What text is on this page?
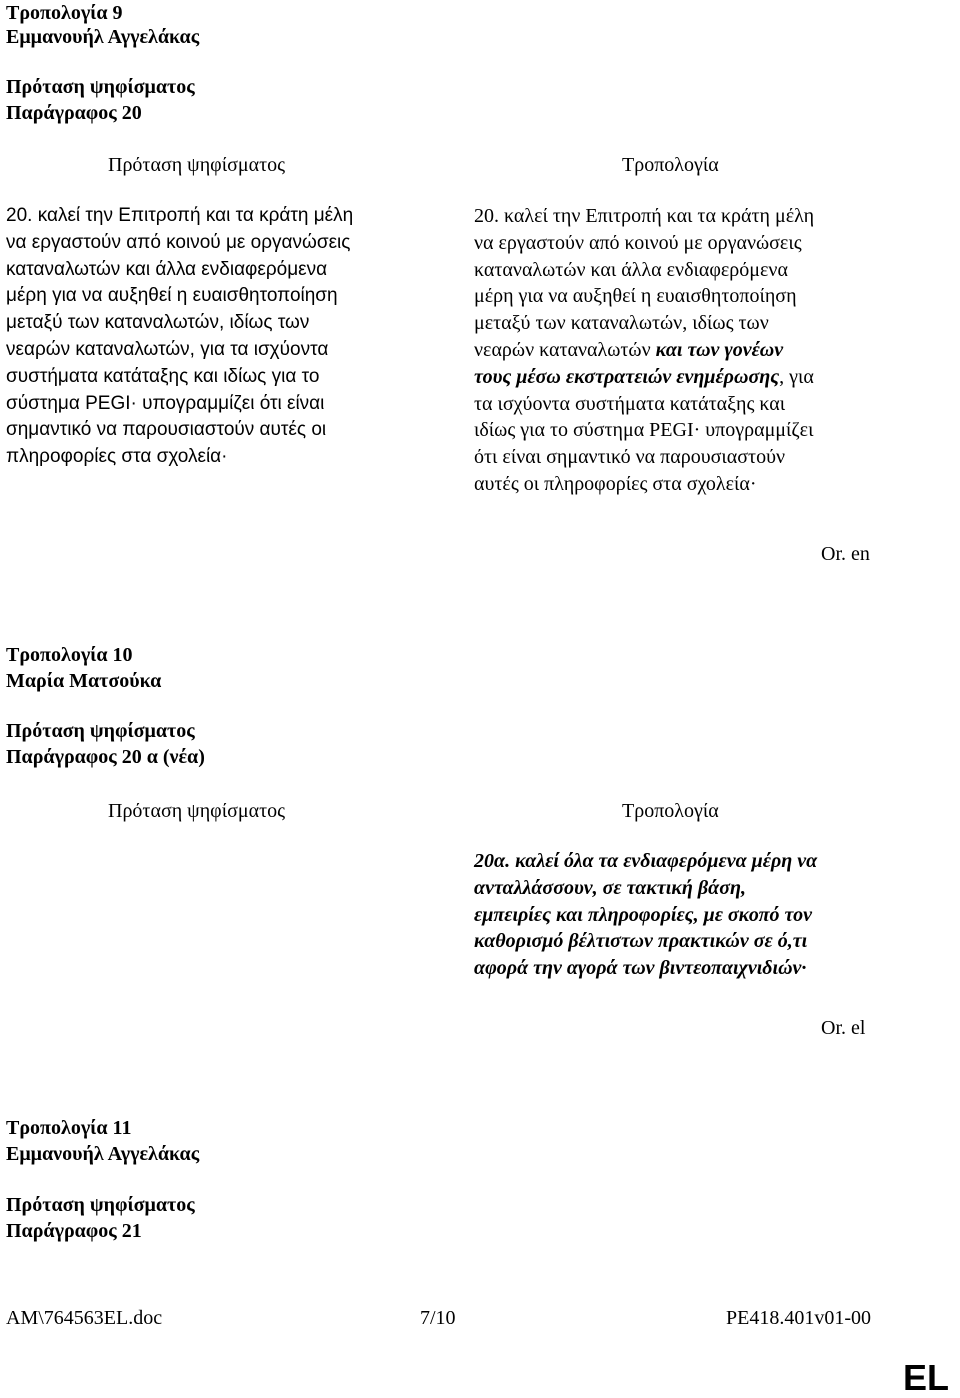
Τροπολογία 9
Εμμανουήλ Αγγελάκας
Πρόταση ψηφίσματος
Παράγραφος 20
Πρόταση ψηφίσματος	Τροπολογία
20. καλεί την Επιτροπή και τα κράτη μέλη
να εργαστούν από κοινού με οργανώσεις
καταναλωτών και άλλα ενδιαφερόμενα
μέρη για να αυξηθεί η ευαισθητοποίηση
μεταξύ των καταναλωτών, ιδίως των
νεαρών καταναλωτών, για τα ισχύοντα
συστήματα κατάταξης και ιδίως για το
σύστημα PEGI· υπογραμμίζει ότι είναι
σημαντικό να παρουσιαστούν αυτές οι
πληροφορίες στα σχολεία·
20. καλεί την Επιτροπή και τα κράτη μέλη
να εργαστούν από κοινού με οργανώσεις
καταναλωτών και άλλα ενδιαφερόμενα
μέρη για να αυξηθεί η ευαισθητοποίηση
μεταξύ των καταναλωτών, ιδίως των
νεαρών καταναλωτών και των γονέων
τους μέσω εκστρατειών ενημέρωσης, για
τα ισχύοντα συστήματα κατάταξης και
ιδίως για το σύστημα PEGI· υπογραμμίζει
ότι είναι σημαντικό να παρουσιαστούν
αυτές οι πληροφορίες στα σχολεία·
Or. en
Τροπολογία 10
Μαρία Ματσούκα
Πρόταση ψηφίσματος
Παράγραφος 20 α (νέα)
Πρόταση ψηφίσματος	Τροπολογία
20α. καλεί όλα τα ενδιαφερόμενα μέρη να
ανταλλάσσουν, σε τακτική βάση,
εμπειρίες και πληροφορίες, με σκοπό τον
καθορισμό βέλτιστων πρακτικών σε ό,τι
αφορά την αγορά των βιντεοπαιχνιδιών·
Or. el
Τροπολογία 11
Εμμανουήλ Αγγελάκας
Πρόταση ψηφίσματος
Παράγραφος 21
AM\764563EL.doc	7/10	PE418.401v01-00
EL
